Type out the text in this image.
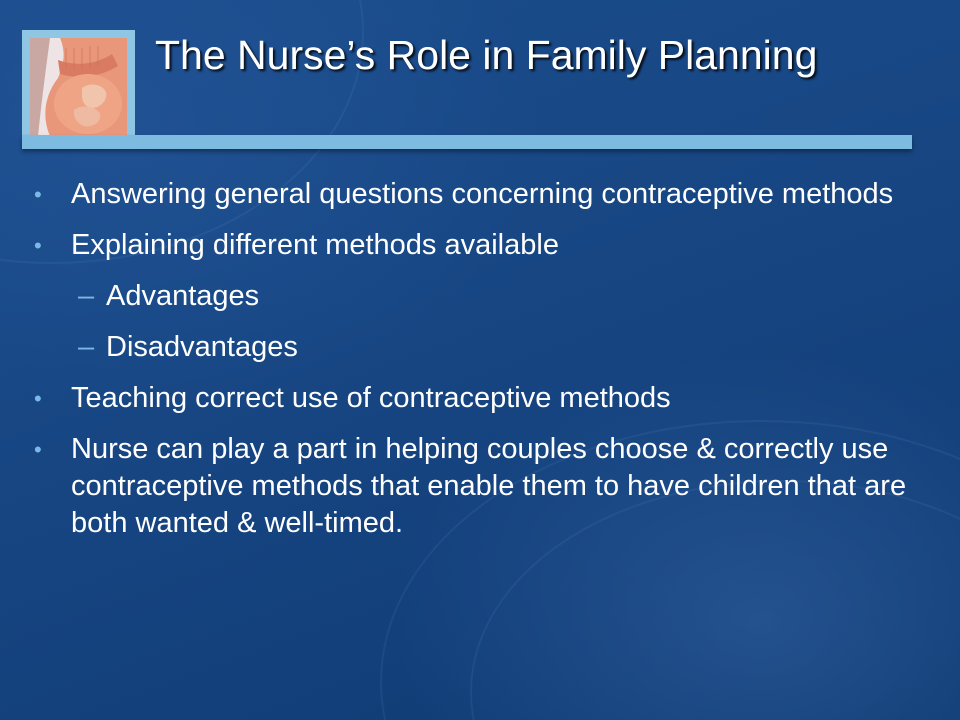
The Nurse’s Role in Family Planning
• Answering general questions concerning contraceptive methods
• Explaining different methods available
– Advantages
– Disadvantages
• Teaching correct use of contraceptive methods
• Nurse can play a part in helping couples choose & correctly use contraceptive methods that enable them to have children that are both wanted & well-timed.
